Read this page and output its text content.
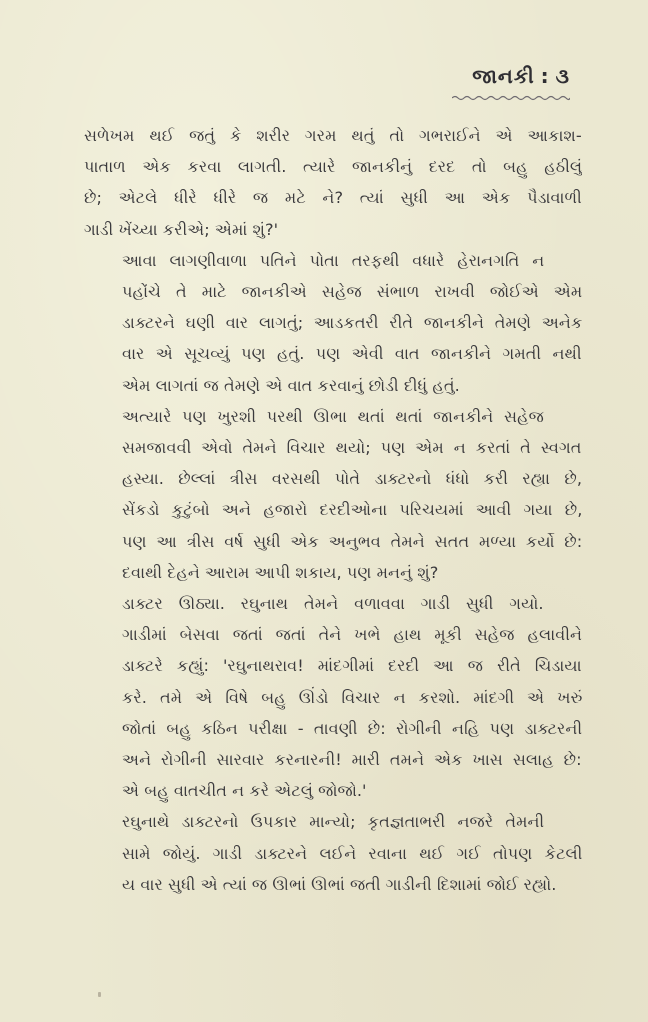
જાનકી : ૩

સળેખમ થઈ જતું કે શરીર ગરમ થતું તો ગભરાઈને એ આકાશ-
પાતાળ એક કરવા લાગતી. ત્યારે જાનકીનું દરદ તો બહુ હઠીલું
છે; એટલે ધીરે ધીરે જ મટે ને? ત્યાં સુધી આ એક પૈડાવાળી
ગાડી ખેંચ્યા કરીએ; એમાં શું?'

આવા લાગણીવાળા પતિને પોતા તરફથી વધારે હેરાનગતિ ન
પહોંચે તે માટે જાનકીએ સહેજ સંભાળ રાખવી જોઈએ એમ
ડાક્ટરને ઘણી વાર લાગતું; આડકતરી રીતે જાનકીને તેમણે અનેક
વાર એ સૂચવ્યું પણ હતું. પણ એવી વાત જાનકીને ગમતી નથી
એમ લાગતાં જ તેમણે એ વાત કરવાનું છોડી દીધું હતું.

અત્યારે પણ ખુરશી પરથી ઊભા થતાં થતાં જાનકીને સહેજ
સમજાવવી એવો તેમને વિચાર થયો; પણ એમ ન કરતાં તે સ્વગત
હસ્યા. છેલ્લાં ત્રીસ વરસથી પોતે ડાક્ટરનો ધંધો કરી રહ્યા છે,
સેંકડો કુટુંબો અને હજારો દરદીઓના પરિચયમાં આવી ગયા છે,
પણ આ ત્રીસ વર્ષ સુધી એક અનુભવ તેમને સતત મળ્યા કર્યો છે:
દવાથી દેહને આરામ આપી શકાય, પણ મનનું શું?

ડાક્ટર ઊઠ્યા. રઘુનાથ તેમને વળાવવા ગાડી સુધી ગયો.
ગાડીમાં બેસવા જતાં જતાં તેને ખભે હાથ મૂકી સહેજ હલાવીને
ડાક્ટરે કહ્યું: 'રઘુનાથરાવ! માંદગીમાં દરદી આ જ રીતે ચિડાયા
કરે. તમે એ વિષે બહુ ઊંડો વિચાર ન કરશો. માંદગી એ ખરું
જોતાં બહુ કઠિન પરીક્ષા - તાવણી છે: રોગીની નહિ પણ ડાક્ટરની
અને રોગીની સારવાર કરનારની! મારી તમને એક ખાસ સલાહ છે:
એ બહુ વાતચીત ન કરે એટલું જોજો.'

રઘુનાથે ડાક્ટરનો ઉપકાર માન્યો; કૃતજ્ઞતાભરી નજરે તેમની
સામે જોયું. ગાડી ડાક્ટરને લઈને રવાના થઈ ગઈ તોપણ કેટલી
ય વાર સુધી એ ત્યાં જ ઊભાં ઊભાં જતી ગાડીની દિશામાં જોઈ રહ્યો.
